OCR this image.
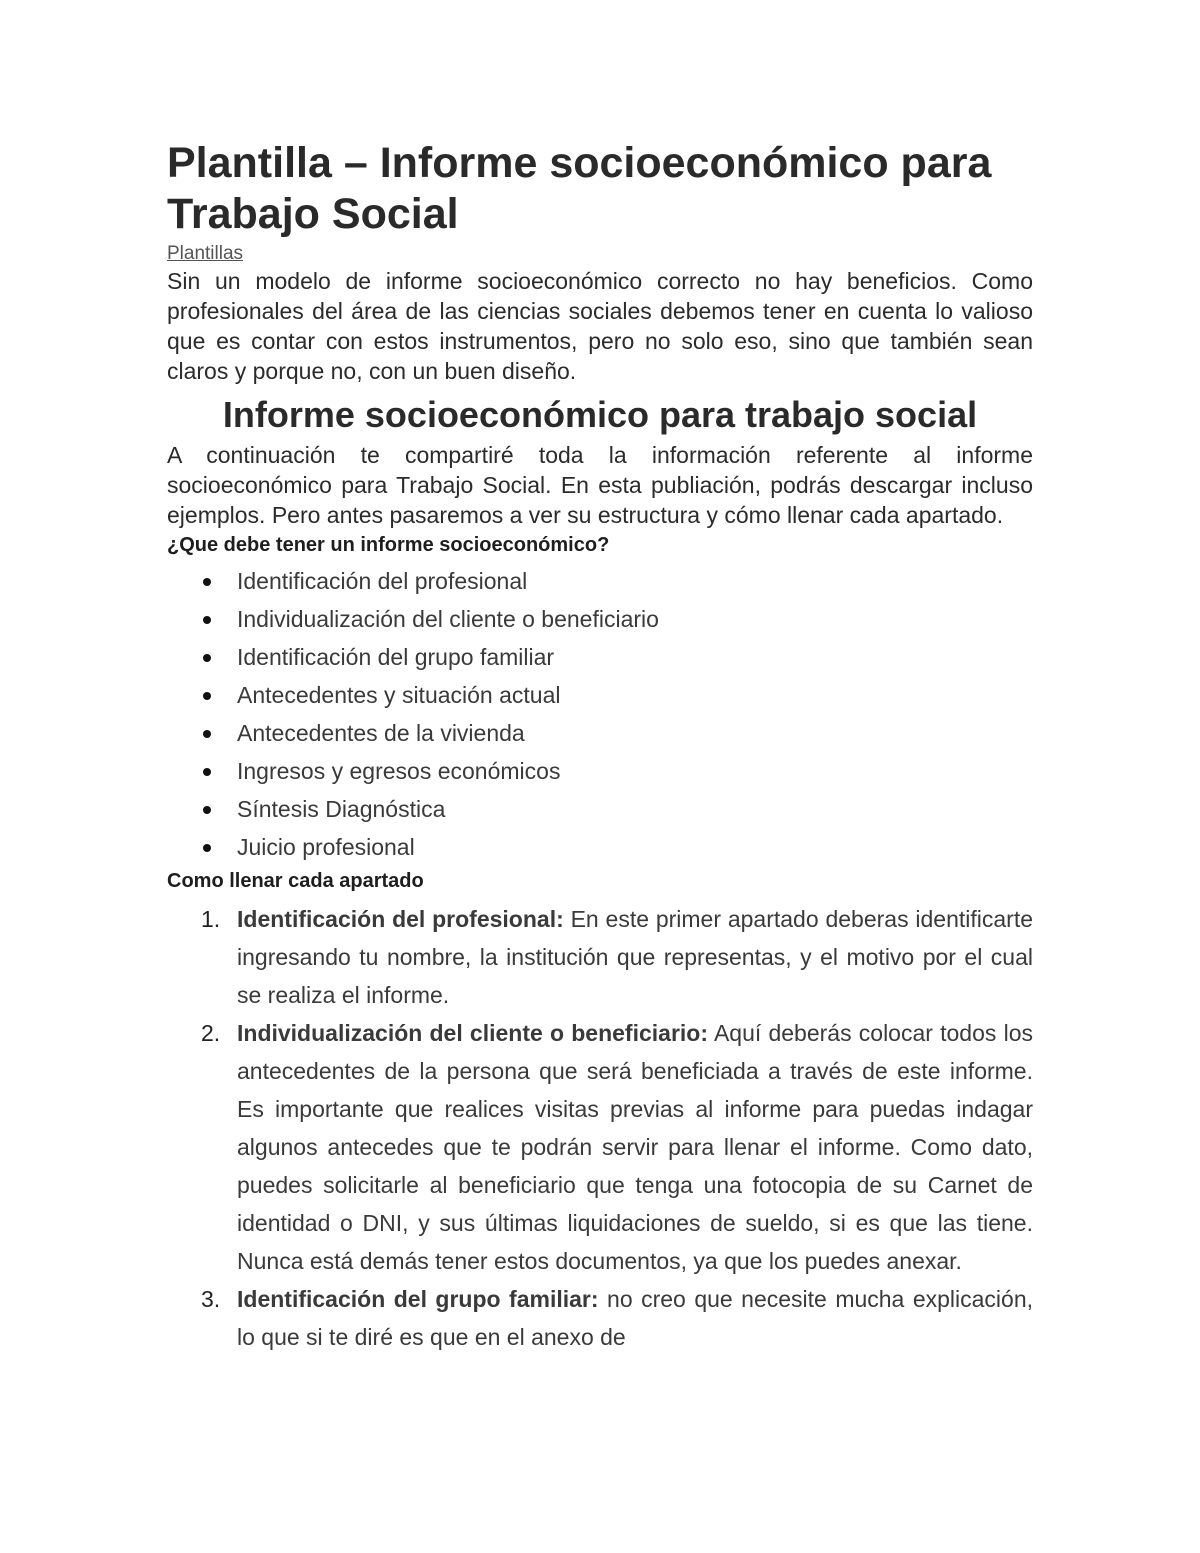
Plantilla – Informe socioeconómico para Trabajo Social
Plantillas

Sin un modelo de informe socioeconómico correcto no hay beneficios. Como profesionales del área de las ciencias sociales debemos tener en cuenta lo valioso que es contar con estos instrumentos, pero no solo eso, sino que también sean claros y porque no, con un buen diseño.

Informe socioeconómico para trabajo social

A continuación te compartiré toda la información referente al informe socioeconómico para Trabajo Social. En esta publiación, podrás descargar incluso ejemplos. Pero antes pasaremos a ver su estructura y cómo llenar cada apartado.

¿Que debe tener un informe socioeconómico?
Identificación del profesional
Individualización del cliente o beneficiario
Identificación del grupo familiar
Antecedentes y situación actual
Antecedentes de la vivienda
Ingresos y egresos económicos
Síntesis Diagnóstica
Juicio profesional
Como llenar cada apartado
1. Identificación del profesional: En este primer apartado deberas identificarte ingresando tu nombre, la institución que representas, y el motivo por el cual se realiza el informe.
2. Individualización del cliente o beneficiario: Aquí deberás colocar todos los antecedentes de la persona que será beneficiada a través de este informe. Es importante que realices visitas previas al informe para puedas indagar algunos antecedes que te podrán servir para llenar el informe. Como dato, puedes solicitarle al beneficiario que tenga una fotocopia de su Carnet de identidad o DNI, y sus últimas liquidaciones de sueldo, si es que las tiene. Nunca está demás tener estos documentos, ya que los puedes anexar.
3. Identificación del grupo familiar: no creo que necesite mucha explicación, lo que si te diré es que en el anexo de
